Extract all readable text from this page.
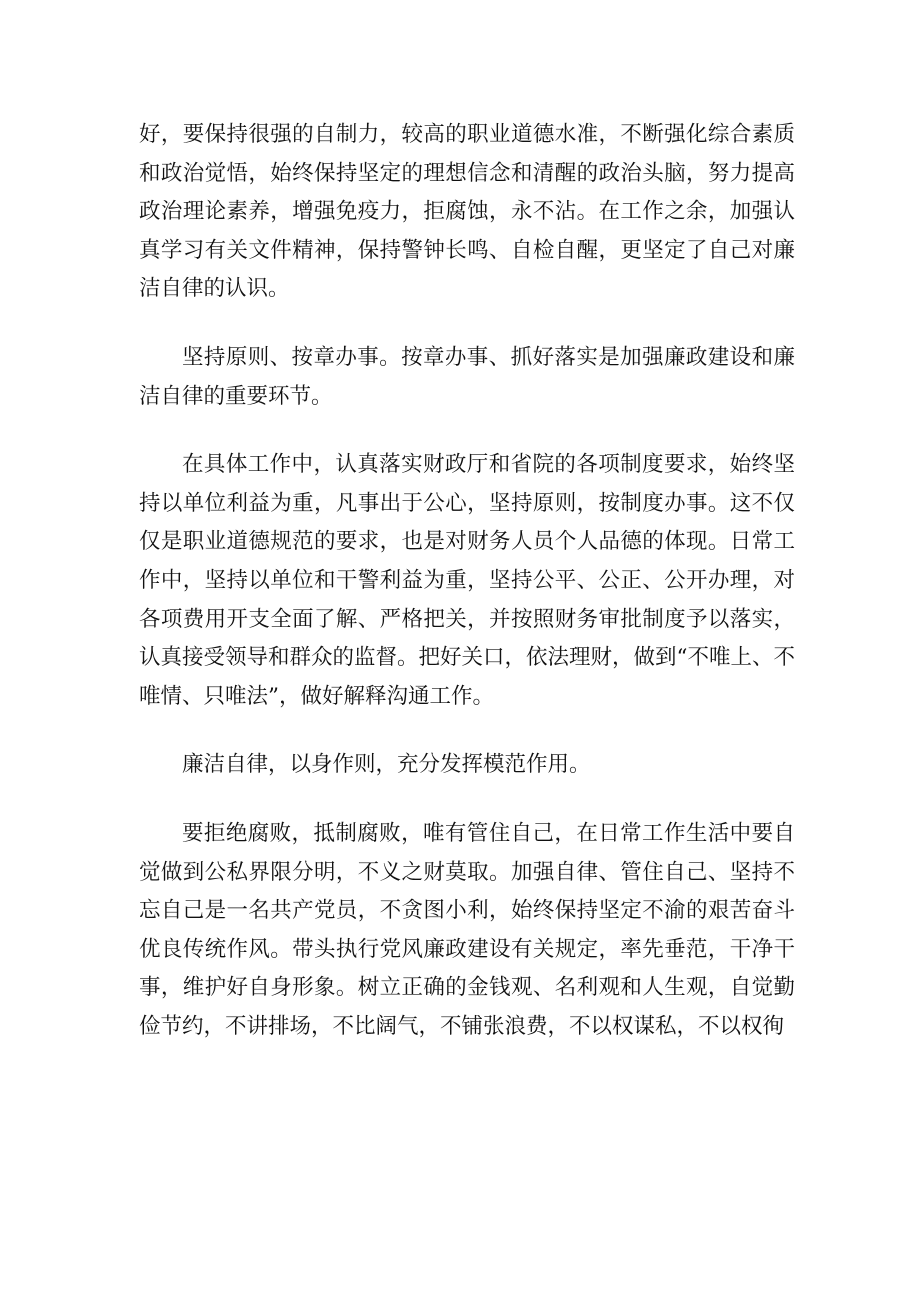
好，要保持很强的自制力，较高的职业道德水准，不断强化综合素质和政治觉悟，始终保持坚定的理想信念和清醒的政治头脑，努力提高政治理论素养，增强免疫力，拒腐蚀，永不沾。在工作之余，加强认真学习有关文件精神，保持警钟长鸣、自检自醒，更坚定了自己对廉洁自律的认识。

坚持原则、按章办事。按章办事、抓好落实是加强廉政建设和廉洁自律的重要环节。

在具体工作中，认真落实财政厅和省院的各项制度要求，始终坚持以单位利益为重，凡事出于公心，坚持原则，按制度办事。这不仅仅是职业道德规范的要求，也是对财务人员个人品德的体现。日常工作中，坚持以单位和干警利益为重，坚持公平、公正、公开办理，对各项费用开支全面了解、严格把关，并按照财务审批制度予以落实，认真接受领导和群众的监督。把好关口，依法理财，做到“不唯上、不唯情、只唯法”，做好解释沟通工作。

廉洁自律，以身作则，充分发挥模范作用。

要拒绝腐败，抵制腐败，唯有管住自己，在日常工作生活中要自觉做到公私界限分明，不义之财莫取。加强自律、管住自己、坚持不忘自己是一名共产党员，不贪图小利，始终保持坚定不渝的艰苦奋斗优良传统作风。带头执行党风廉政建设有关规定，率先垂范，干净干事，维护好自身形象。树立正确的金钱观、名利观和人生观，自觉勤俭节约，不讲排场，不比阔气，不铺张浪费，不以权谋私，不以权徇
